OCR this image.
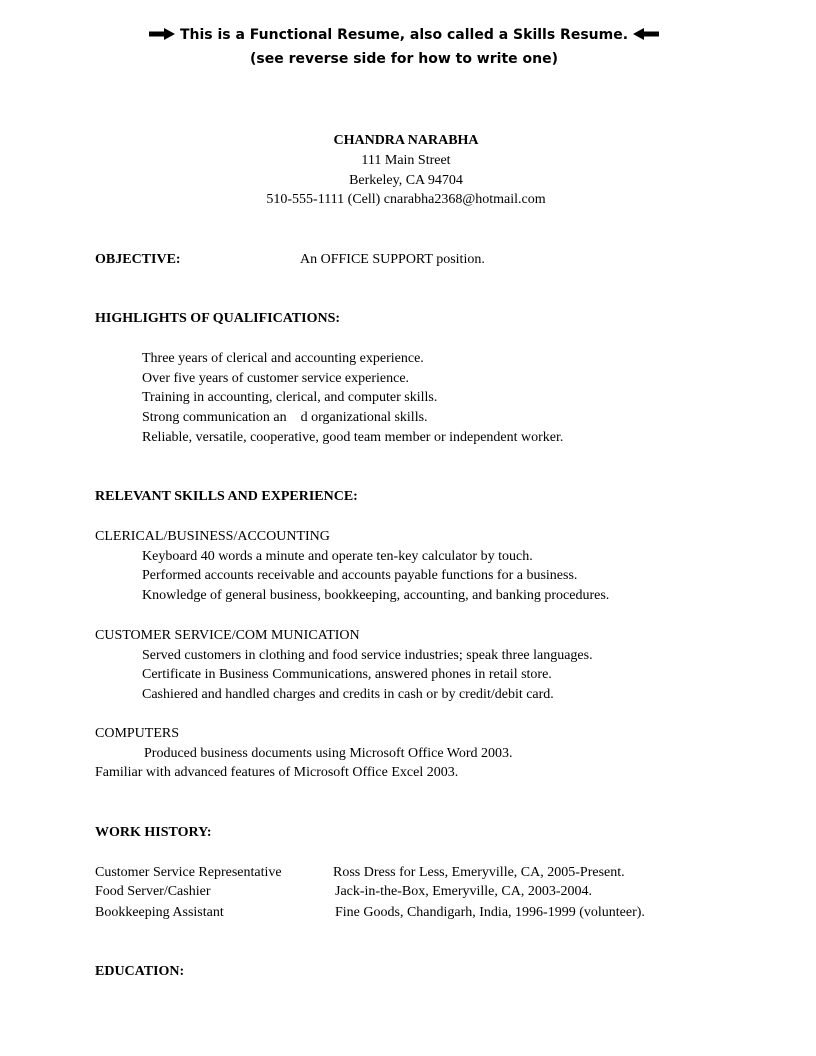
This is a Functional Resume, also called a Skills Resume.
(see reverse side for how to write one)
CHANDRA NARABHA
111 Main Street
Berkeley, CA 94704
510-555-1111 (Cell) cnarabha2368@hotmail.com
OBJECTIVE:	An OFFICE SUPPORT position.
HIGHLIGHTS OF QUALIFICATIONS:
Three years of clerical and accounting experience.
Over five years of customer service experience.
Training in accounting, clerical, and computer skills.
Strong communication an    d organizational skills.
Reliable, versatile, cooperative, good team member or independent worker.
RELEVANT SKILLS AND EXPERIENCE:
CLERICAL/BUSINESS/ACCOUNTING
Keyboard 40 words a minute and operate ten-key calculator by touch.
Performed accounts receivable and accounts payable functions for a business.
Knowledge of general business, bookkeeping, accounting, and banking procedures.
CUSTOMER SERVICE/COM MUNICATION
Served customers in clothing and food service industries; speak three languages.
Certificate in Business Communications, answered phones in retail store.
Cashiered and handled charges and credits in cash or by credit/debit card.
COMPUTERS
Produced business documents using Microsoft Office Word 2003.
Familiar with advanced features of Microsoft Office Excel 2003.
WORK HISTORY:
Customer Service Representative	Ross Dress for Less, Emeryville, CA, 2005-Present.
Food Server/Cashier	Jack-in-the-Box, Emeryville, CA, 2003-2004.
Bookkeeping Assistant	Fine Goods, Chandigarh, India, 1996-1999 (volunteer).
EDUCATION:
